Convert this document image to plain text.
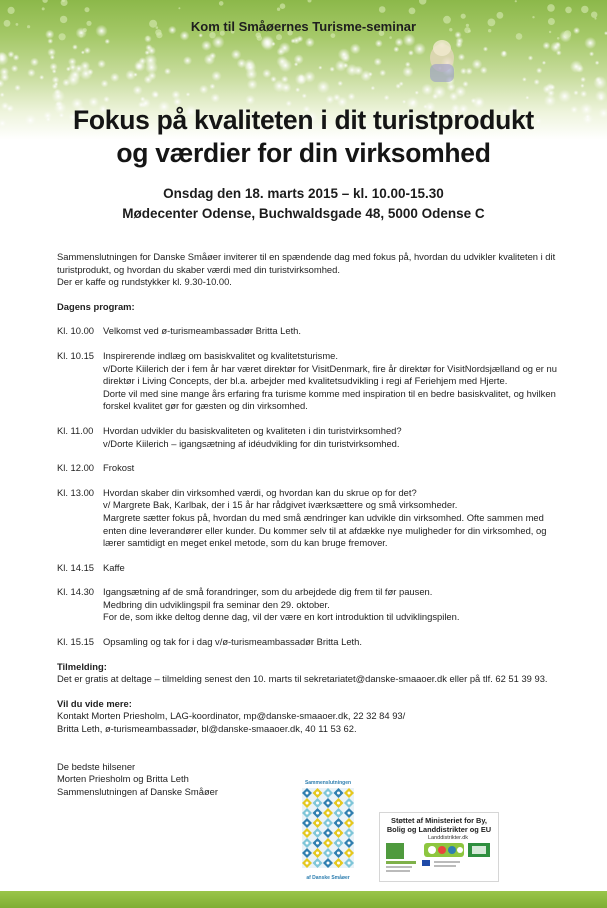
Kom til Småøernes Turisme-seminar
Fokus på kvaliteten i dit turistprodukt
og værdier for din virksomhed
Onsdag den 18. marts 2015 – kl. 10.00-15.30
Mødecenter Odense, Buchwaldsgade 48, 5000 Odense C

Sammenslutningen for Danske Småøer inviterer til en spændende dag med fokus på, hvordan du udvikler kvaliteten i dit turistprodukt, og hvordan du skaber værdi med din turistvirksomhed.

Der er kaffe og rundstykker kl. 9.30-10.00.

Dagens program:

Kl. 10.00 Velkomst ved ø-turismeambassadør Britta Leth.

Kl. 10.15 Inspirerende indlæg om basiskvalitet og kvalitetsturisme.

v/Dorte Kiilerich der i fem år har været direktør for VisitDenmark, fire år direktør for VisitNordsjælland og er nu direktør i Living Concepts, der bl.a. arbejder med kvalitetsudvikling i regi af Feriehjem med Hjerte.

Dorte vil med sine mange års erfaring fra turisme komme med inspiration til en bedre basiskvalitet, og hvilken forskel kvalitet gør for gæsten og din virksomhed.

Kl. 11.00	Hvordan udvikler du basiskvaliteten og kvaliteten i din turistvirksomhed?

v/Dorte Kiilerich – igangsætning af idéudvikling for din turistvirksomhed.

Kl. 12.00 Frokost

Kl. 13.00 Hvordan skaber din virksomhed værdi, og hvordan kan du skrue op for det?

v/ Margrete Bak, Karlbak, der i 15 år har rådgivet iværksættere og små virksomheder.

Margrete sætter fokus på, hvordan du med små ændringer kan udvikle din virksomhed. Ofte sammen med enten dine leverandører eller kunder. Du kommer selv til at afdække nye muligheder for din virksomhed, og lærer samtidigt en meget enkel metode, som du kan bruge fremover.

Kl. 14.15 Kaffe

Kl. 14.30 Igangsætning af de små forandringer, som du arbejdede dig frem til før pausen.

Medbring din udviklingspil fra seminar den 29. oktober.

For de, som ikke deltog denne dag, vil der være en kort introduktion til udviklingspilen.

Kl. 15.15 Opsamling og tak for i dag v/ø-turismeambassadør Britta Leth.

Tilmelding:

Det er gratis at deltage – tilmelding senest den 10. marts til sekretariatet@danske-smaaoer.dk eller på tlf. 62 51 39 93.

Vil du vide mere:

Kontakt Morten Priesholm, LAG-koordinator, mp@danske-smaaoer.dk, 22 32 84 93/

Britta Leth, ø-turismeambassadør, bl@danske-smaaoer.dk, 40 11 53 62.

De bedste hilsener

Morten Priesholm og Britta Leth

Sammenslutningen af Danske Småøer

Sammenslutningen
af Danske Småøer
Støttet af Ministeriet for By,
Bolig og Landdistrikter og EU
Landdistrikter.dk
